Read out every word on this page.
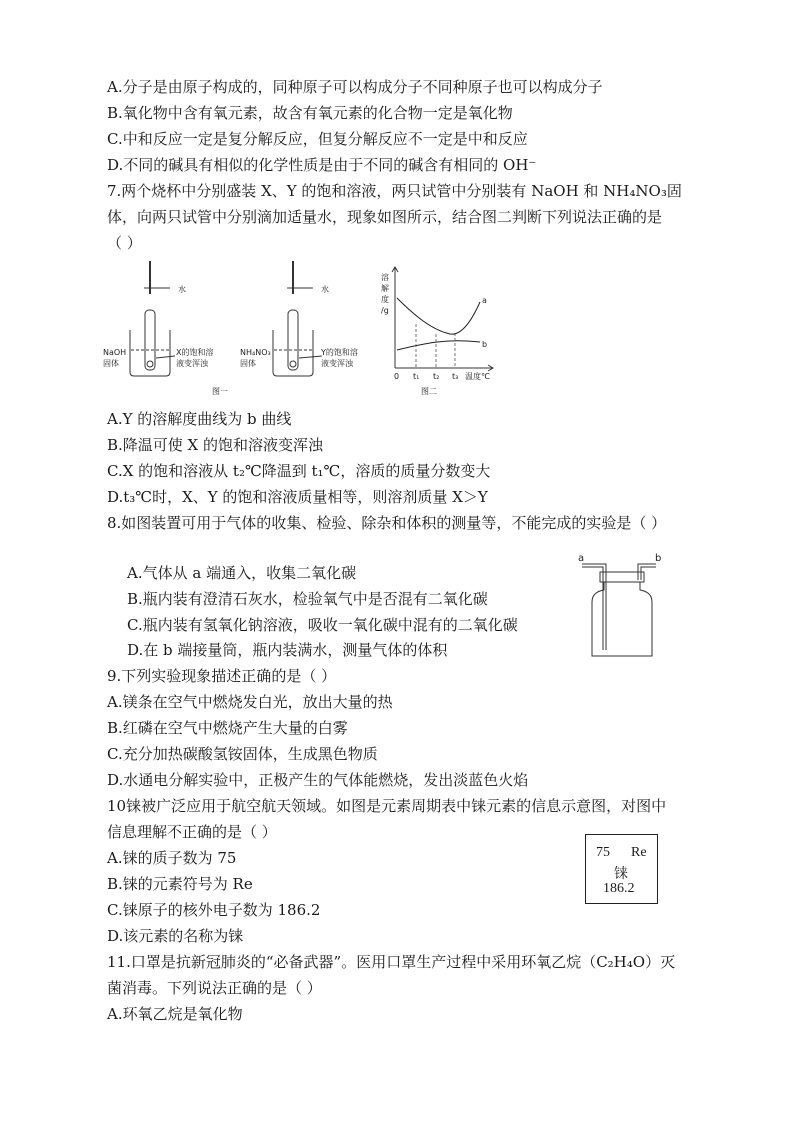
A.分子是由原子构成的，同种原子可以构成分子不同种原子也可以构成分子
B.氧化物中含有氧元素，故含有氧元素的化合物一定是氧化物
C.中和反应一定是复分解反应，但复分解反应不一定是中和反应
D.不同的碱具有相似的化学性质是由于不同的碱含有相同的 OH⁻
7.两个烧杯中分别盛装 X、Y 的饱和溶液，两只试管中分别装有 NaOH 和 NH₄NO₃固
体，向两只试管中分别滴加适量水，现象如图所示，结合图二判断下列说法正确的是
（ ）
水
NaOH
固体
X的饱和溶
液变浑浊
水
NH₄NO₃
固体
Y的饱和溶
液变浑浊
图一
溶
解
度
/g
a
b
0 t₁ t₂ t₃ 温度℃
图二
A.Y 的溶解度曲线为 b 曲线
B.降温可使 X 的饱和溶液变浑浊
C.X 的饱和溶液从 t₂℃降温到 t₁℃，溶质的质量分数变大
D.t₃℃时，X、Y 的饱和溶液质量相等，则溶剂质量 X＞Y
8.如图装置可用于气体的收集、检验、除杂和体积的测量等，不能完成的实验是（ ）
A.气体从 a 端通入，收集二氧化碳
B.瓶内装有澄清石灰水，检验氧气中是否混有二氧化碳
C.瓶内装有氢氧化钠溶液，吸收一氧化碳中混有的二氧化碳
D.在 b 端接量筒，瓶内装满水，测量气体的体积
a	b
9.下列实验现象描述正确的是（ ）
A.镁条在空气中燃烧发白光，放出大量的热
B.红磷在空气中燃烧产生大量的白雾
C.充分加热碳酸氢铵固体，生成黑色物质
D.水通电分解实验中，正极产生的气体能燃烧，发出淡蓝色火焰
10铼被广泛应用于航空航天领域。如图是元素周期表中铼元素的信息示意图，对图中
信息理解不正确的是（ ）
A.铼的质子数为 75
B.铼的元素符号为 Re
C.铼原子的核外电子数为 186.2
D.该元素的名称为铼
75 Re
铼
186.2
11.口罩是抗新冠肺炎的“必备武器”。医用口罩生产过程中采用环氧乙烷（C₂H₄O）灭
菌消毒。下列说法正确的是（ ）
A.环氧乙烷是氧化物
